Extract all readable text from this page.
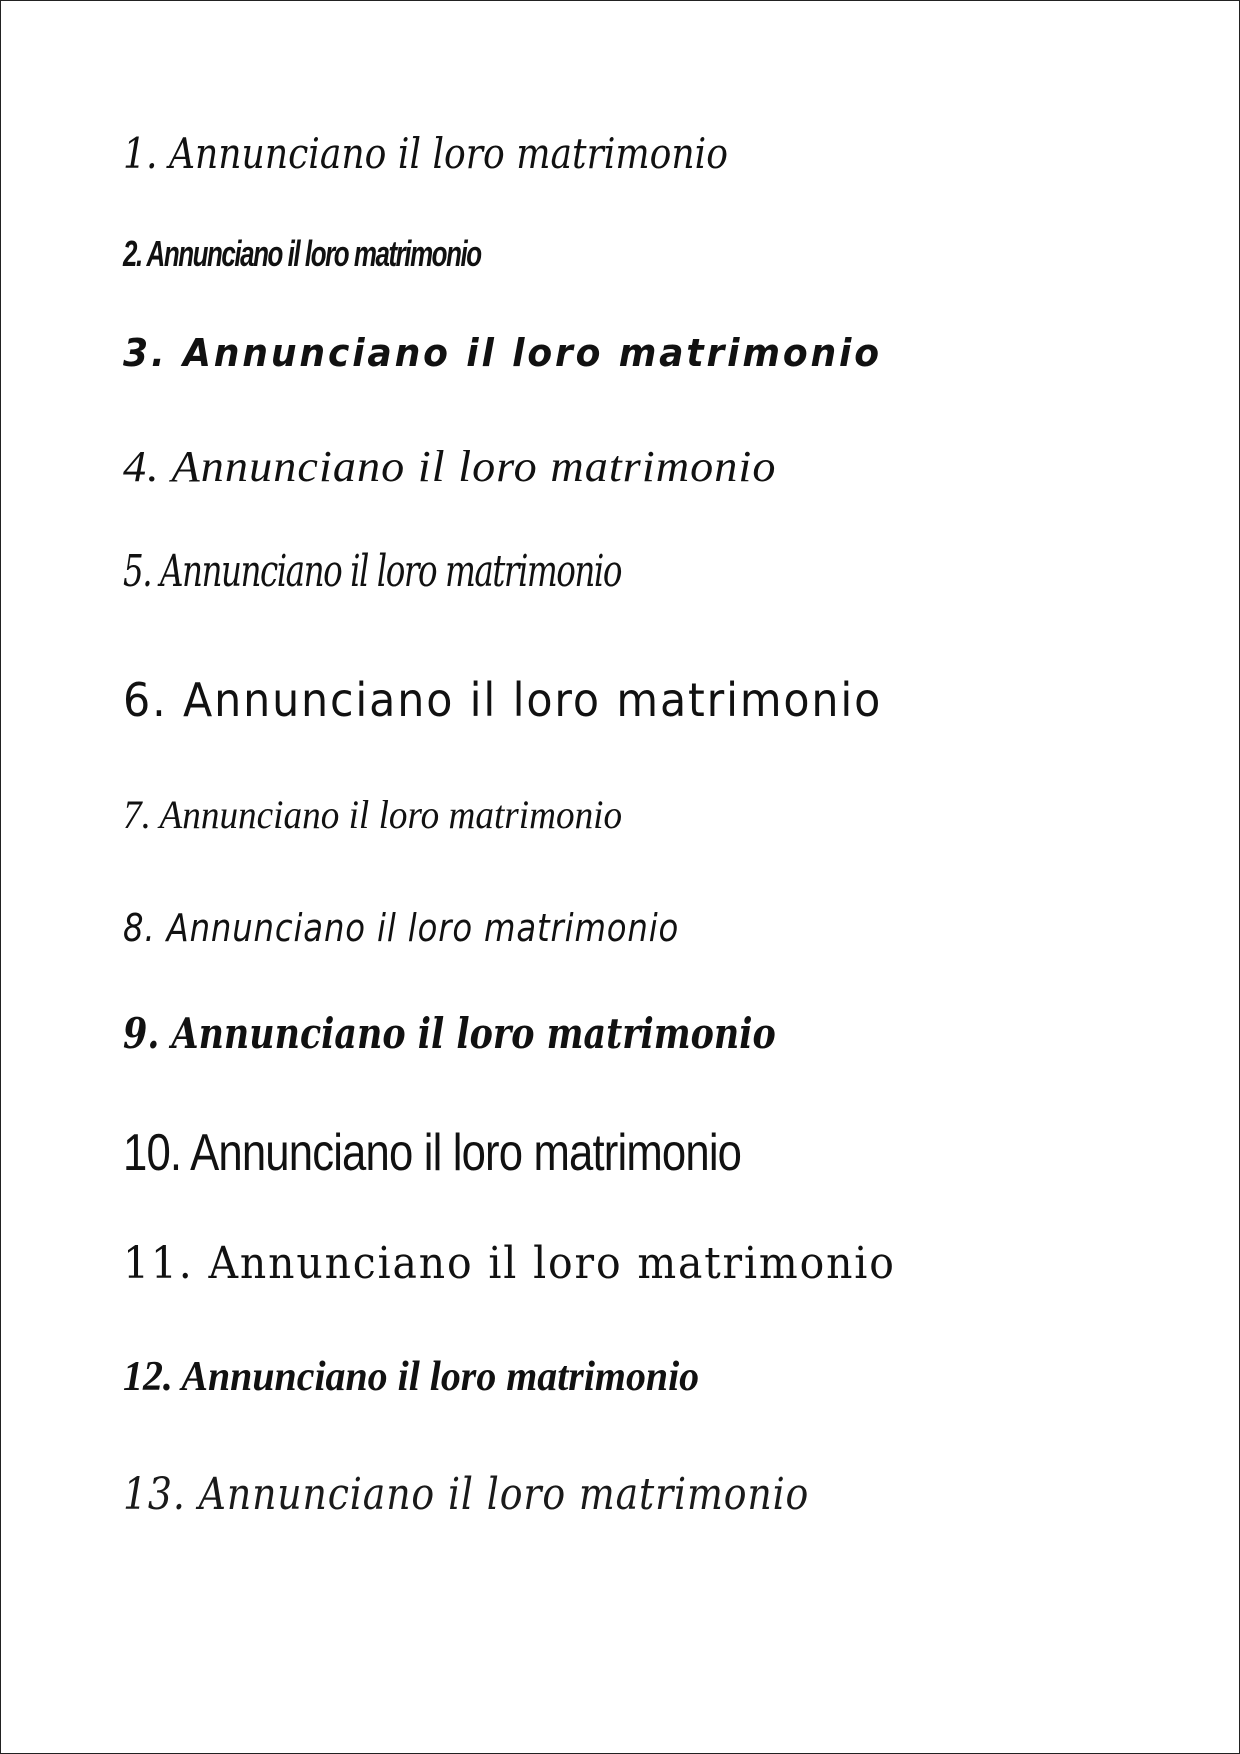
1. Annunciano il loro matrimonio
2. Annunciano il loro matrimonio
3. Annunciano il loro matrimonio
4. Annunciano il loro matrimonio
5. Annunciano il loro matrimonio
6. Annunciano il loro matrimonio
7. Annunciano il loro matrimonio
8. Annunciano il loro matrimonio
9. Annunciano il loro matrimonio
10. Annunciano il loro matrimonio
11. Annunciano il loro matrimonio
12. Annunciano il loro matrimonio
13. Annunciano il loro matrimonio
